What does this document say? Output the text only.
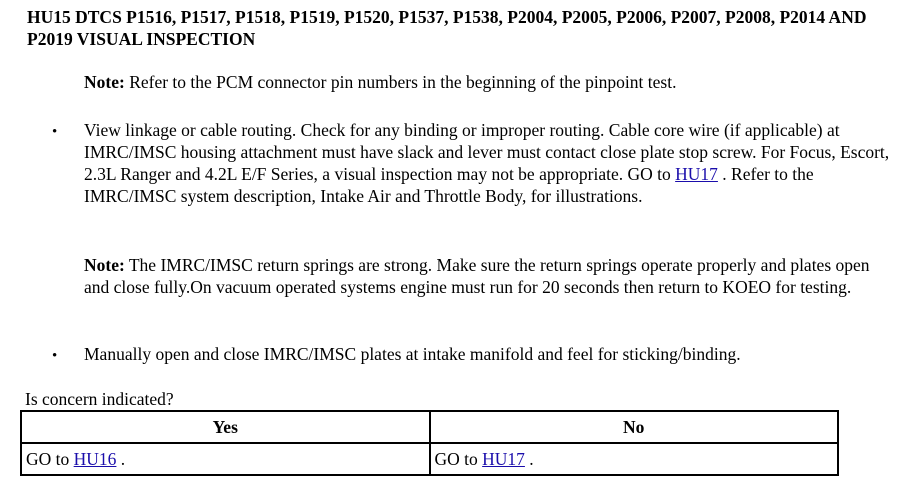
HU15 DTCS P1516, P1517, P1518, P1519, P1520, P1537, P1538, P2004, P2005, P2006, P2007, P2008, P2014 AND P2019 VISUAL INSPECTION
Note: Refer to the PCM connector pin numbers in the beginning of the pinpoint test.
• View linkage or cable routing. Check for any binding or improper routing. Cable core wire (if applicable) at IMRC/IMSC housing attachment must have slack and lever must contact close plate stop screw. For Focus, Escort, 2.3L Ranger and 4.2L E/F Series, a visual inspection may not be appropriate. GO to HU17 . Refer to the IMRC/IMSC system description, Intake Air and Throttle Body, for illustrations.
Note: The IMRC/IMSC return springs are strong. Make sure the return springs operate properly and plates open and close fully.On vacuum operated systems engine must run for 20 seconds then return to KOEO for testing.
• Manually open and close IMRC/IMSC plates at intake manifold and feel for sticking/binding.
Is concern indicated?
Yes	No
GO to HU16 .	GO to HU17 .
